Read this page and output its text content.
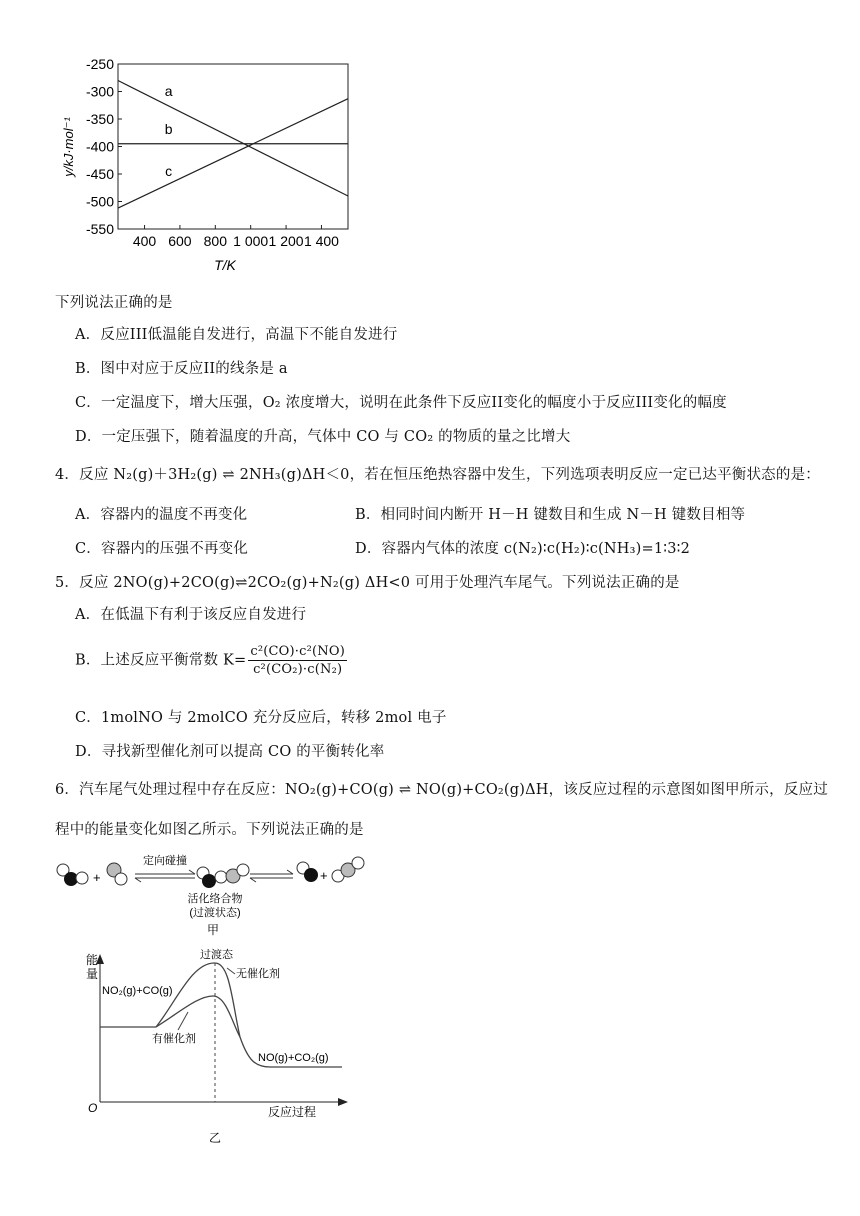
-250
-300
-350
-400
-450
-500
-550
400 600 800 1 000 1 200 1 400
a
b
c
y/kJ·mol⁻¹
T/K
下列说法正确的是
A．反应III低温能自发进行，高温下不能自发进行
B．图中对应于反应II的线条是 a
C．一定温度下，增大压强，O₂ 浓度增大，说明在此条件下反应II变化的幅度小于反应III变化的幅度
D．一定压强下，随着温度的升高，气体中 CO 与 CO₂ 的物质的量之比增大
4．反应 N₂(g)＋3H₂(g) ⇌ 2NH₃(g)ΔH＜0，若在恒压绝热容器中发生，下列选项表明反应一定已达平衡状态的是：
A．容器内的温度不再变化	B．相同时间内断开 H－H 键数目和生成 N－H 键数目相等
C．容器内的压强不再变化	D．容器内气体的浓度 c(N₂)∶c(H₂)∶c(NH₃)=1∶3∶2
5．反应 2NO(g)+2CO(g)⇌2CO₂(g)+N₂(g) ΔH<0 可用于处理汽车尾气。下列说法正确的是
A．在低温下有利于该反应自发进行
B．上述反应平衡常数 $K= \frac{\text{c²(CO)·c²(NO)}}{\text{c²(CO₂)·c(N₂)}}$
C．1molNO 与 2molCO 充分反应后，转移 2mol 电子
D．寻找新型催化剂可以提高 CO 的平衡转化率
6．汽车尾气处理过程中存在反应：NO₂(g)+CO(g) ⇌ NO(g)+CO₂(g)ΔH，该反应过程的示意图如图甲所示，反应过
程中的能量变化如图乙所示。下列说法正确的是
+
定向碰撞
+
活化络合物
(过渡状态)
甲
能
量
O	反应过程
NO₂(g)+CO(g)
NO(g)+CO₂(g)
过渡态
无催化剂
有催化剂
乙
